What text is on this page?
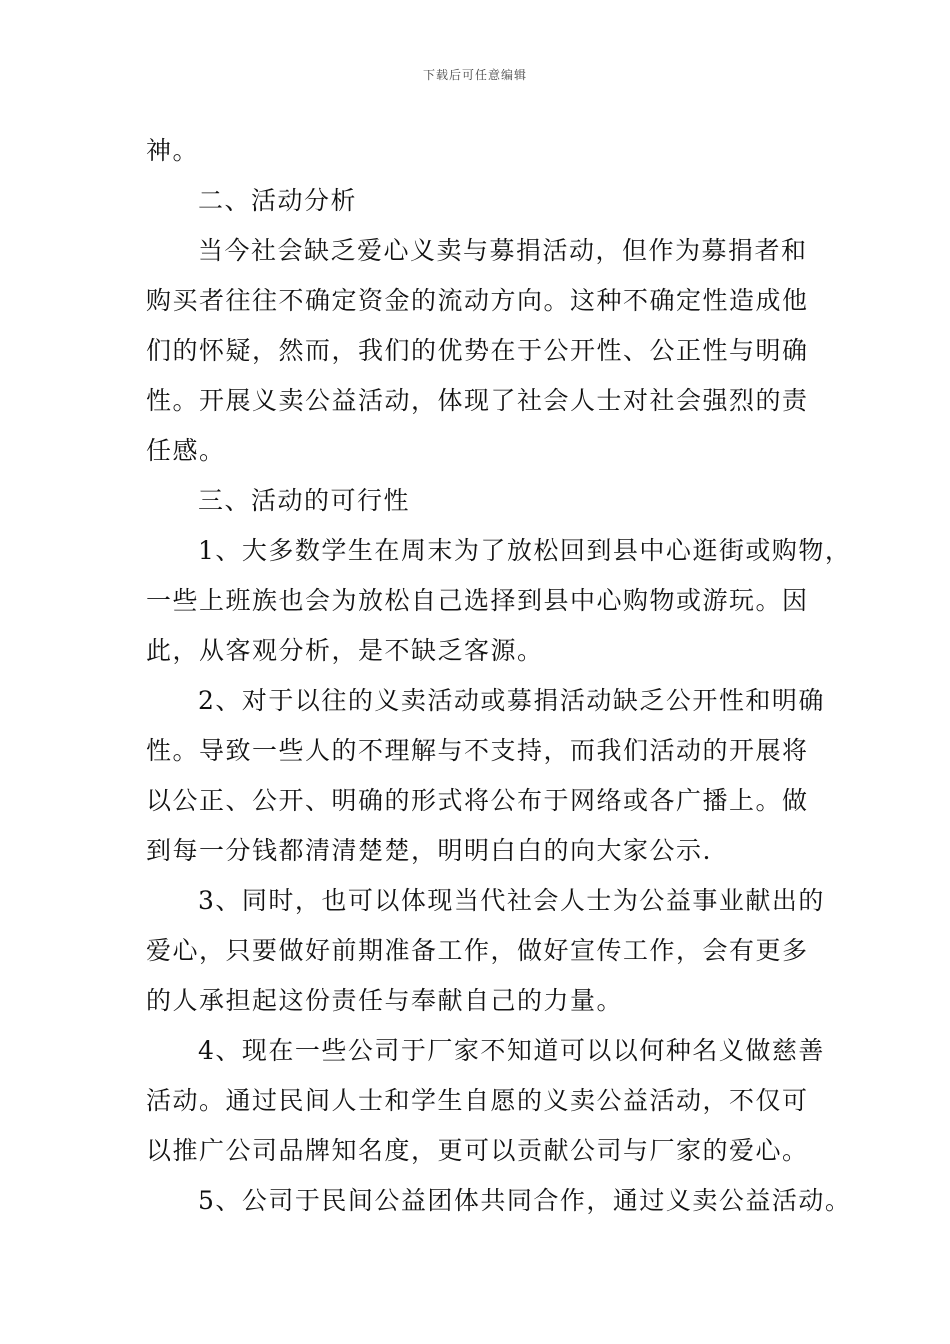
下载后可任意编辑
神。
二、活动分析
当今社会缺乏爱心义卖与募捐活动，但作为募捐者和
购买者往往不确定资金的流动方向。这种不确定性造成他
们的怀疑，然而，我们的优势在于公开性、公正性与明确
性。开展义卖公益活动，体现了社会人士对社会强烈的责
任感。
三、活动的可行性
1、大多数学生在周末为了放松回到县中心逛街或购物，
一些上班族也会为放松自己选择到县中心购物或游玩。因
此，从客观分析，是不缺乏客源。
2、对于以往的义卖活动或募捐活动缺乏公开性和明确
性。导致一些人的不理解与不支持，而我们活动的开展将
以公正、公开、明确的形式将公布于网络或各广播上。做
到每一分钱都清清楚楚，明明白白的向大家公示.
3、同时，也可以体现当代社会人士为公益事业献出的
爱心，只要做好前期准备工作，做好宣传工作，会有更多
的人承担起这份责任与奉献自己的力量。
4、现在一些公司于厂家不知道可以以何种名义做慈善
活动。通过民间人士和学生自愿的义卖公益活动，不仅可
以推广公司品牌知名度，更可以贡献公司与厂家的爱心。
5、公司于民间公益团体共同合作，通过义卖公益活动。
